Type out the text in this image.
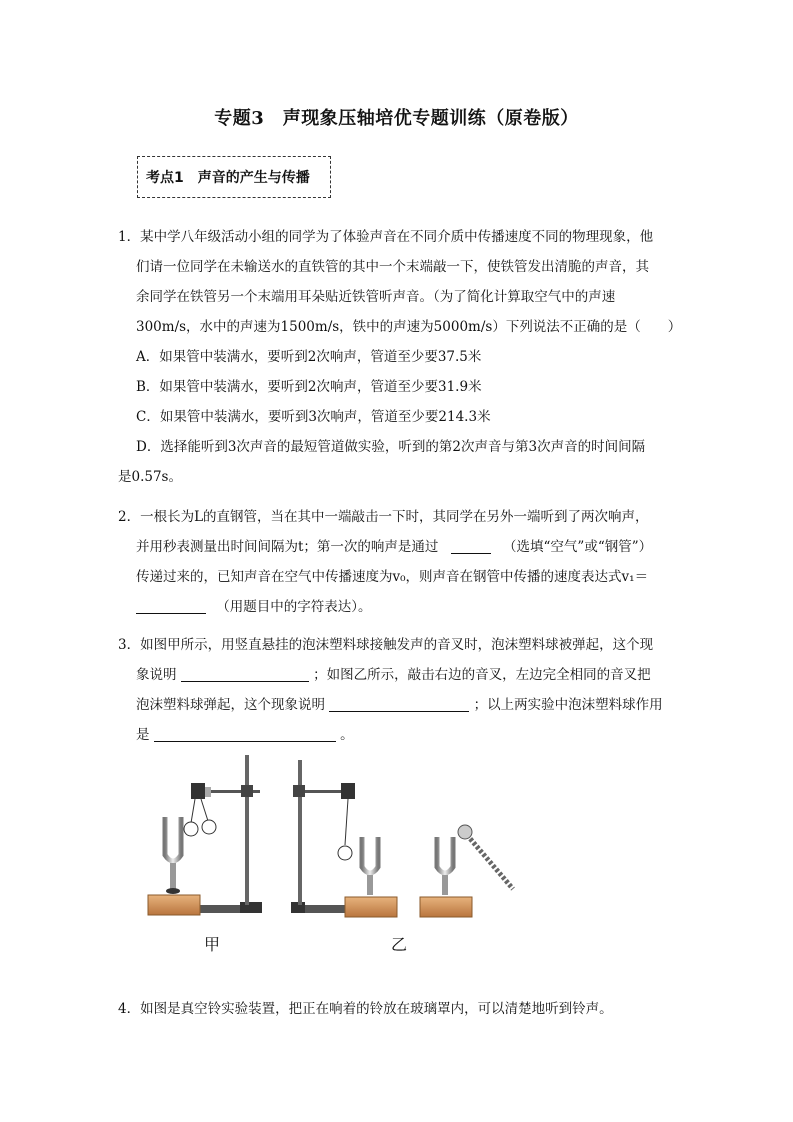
专题3　声现象压轴培优专题训练（原卷版）
考点1　声音的产生与传播
1．某中学八年级活动小组的同学为了体验声音在不同介质中传播速度不同的物理现象，他
们请一位同学在未输送水的直铁管的其中一个末端敲一下，使铁管发出清脆的声音，其
余同学在铁管另一个末端用耳朵贴近铁管听声音。（为了简化计算取空气中的声速
300m/s，水中的声速为1500m/s，铁中的声速为5000m/s）下列说法不正确的是（　　）
A．如果管中装满水，要听到2次响声，管道至少要37.5米
B．如果管中装满水，要听到2次响声，管道至少要31.9米
C．如果管中装满水，要听到3次响声，管道至少要214.3米
D．选择能听到3次声音的最短管道做实验，听到的第2次声音与第3次声音的时间间隔
是0.57s。
2．一根长为L的直钢管，当在其中一端敲击一下时，其同学在另外一端听到了两次响声，
并用秒表测量出时间间隔为t；第一次的响声是通过	（选填“空气”或“钢管”）
传递过来的，已知声音在空气中传播速度为v₀，则声音在钢管中传播的速度表达式v₁＝
（用题目中的字符表达）。
3．如图甲所示，用竖直悬挂的泡沫塑料球接触发声的音叉时，泡沫塑料球被弹起，这个现
象说明	；如图乙所示，敲击右边的音叉，左边完全相同的音叉把
泡沫塑料球弹起，这个现象说明	；以上两实验中泡沫塑料球作用
是	。
甲	乙
4．如图是真空铃实验装置，把正在响着的铃放在玻璃罩内，可以清楚地听到铃声。
